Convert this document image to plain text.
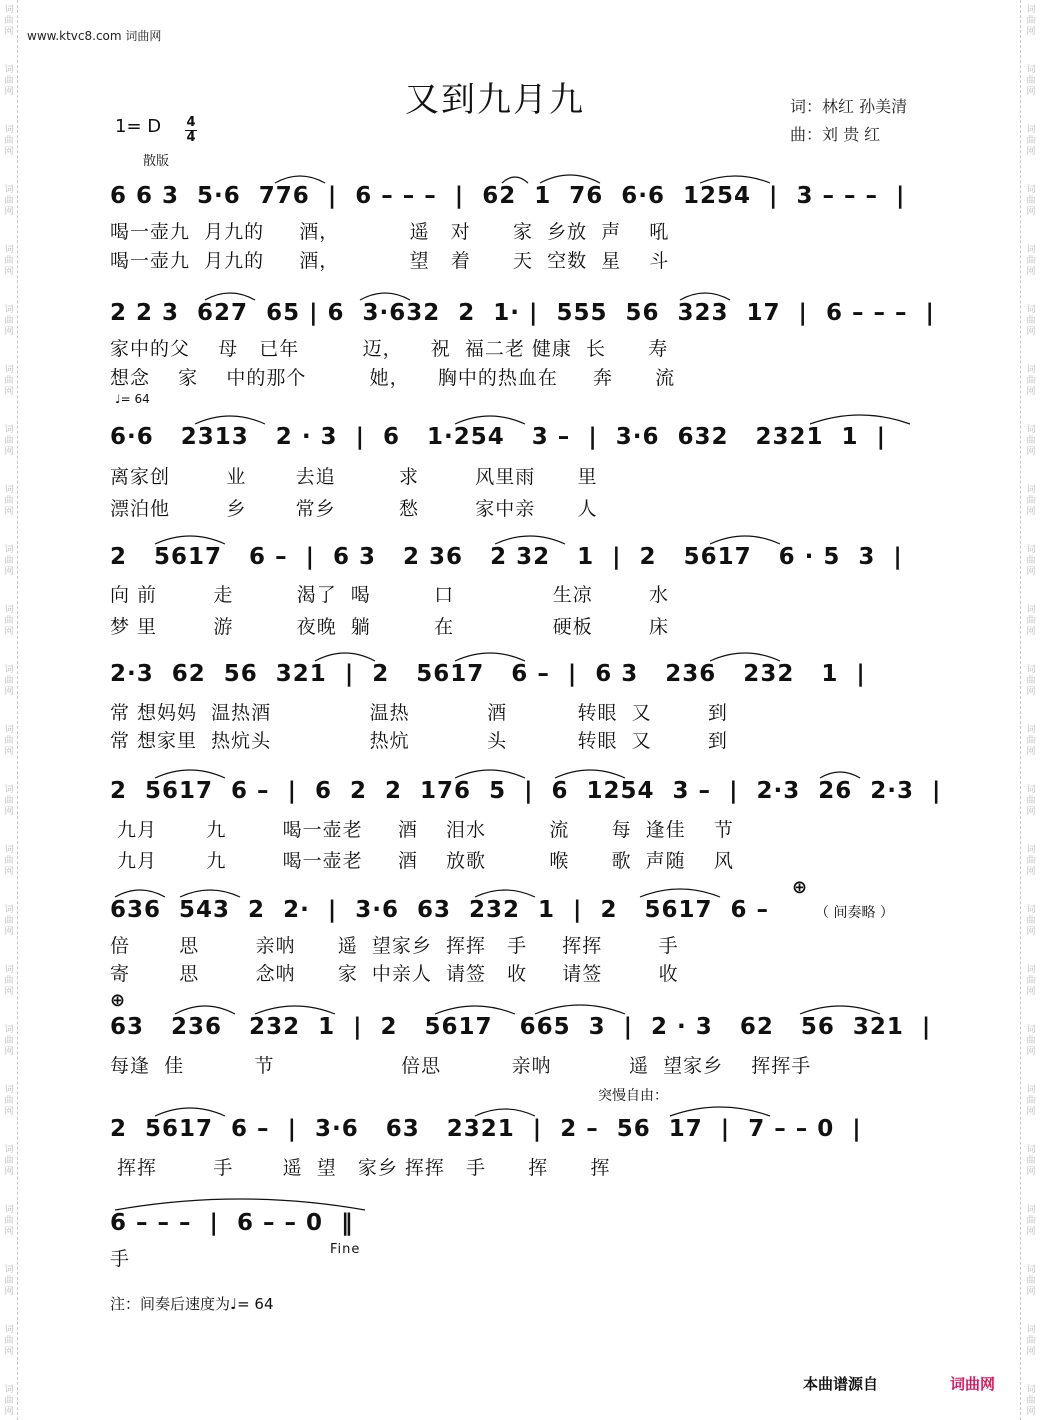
词
曲
网
词
曲
网
词
曲
网
词
曲
网
词
曲
网
词
曲
网
词
曲
网
词
曲
网
词
曲
网
词
曲
网
词
曲
网
词
曲
网
词
曲
网
词
曲
网
词
曲
网
词
曲
网
词
曲
网
词
曲
网
词
曲
网
词
曲
网
词
曲
网
词
曲
网
词
曲
网
词
曲
网
词
曲
网
词
曲
网
词
曲
网
词
曲
网
词
曲
网
词
曲
网
词
曲
网
词
曲
网
词
曲
网
词
曲
网
词
曲
网
词
曲
网
词
曲
网
词
曲
网
词
曲
网
词
曲
网
词
曲
网
词
曲
网
词
曲
网
词
曲
网
词
曲
网
词
曲
网
词
曲
网
词
曲
网
www.ktvc8.com 词曲网
又到九月九	词：林红 孙美清
曲：刘 贵 红
1= D 4
4
散版
6 6 3  5·6  776  |  6 – – –  |  62  1  76  6·6  1254  |  3 – – –  |
喝一壶九  月九的     酒，          遥   对      家  乡放  声    吼
喝一壶九  月九的     酒，          望   着      天  空数  星    斗
2 2 3  627  65 | 6  3·632  2  1· |  555  56  323  17  |  6 – – –  |
家中的父    母   已年         迈，    祝  福二老 健康  长      寿
想念    家    中的那个         她，    胸中的热血在     奔      流
♩= 64
6·6   2313   2 · 3  |  6   1·254   3 –  |  3·6  632   2321  1  |
离家创        业       去追         求        风里雨      里
漂泊他        乡       常乡         愁        家中亲      人
2   5617   6 –  |  6 3   2 36   2 32   1  |  2   5617   6 · 5  3  |
向 前        走         渴了  喝         口              生凉        水
梦 里        游         夜晚  躺         在              硬板        床
2·3  62  56  321  |  2   5617   6 –  |  6 3   236   232   1  |
常 想妈妈  温热酒              温热           酒          转眼  又        到
常 想家里  热炕头              热炕           头          转眼  又        到
2  5617  6 –  |  6  2  2  176  5  |  6  1254  3 –  |  2·3  26  2·3  |
九月       九        喝一壶老     酒    泪水         流      每  逢佳    节
九月       九        喝一壶老     酒    放歌         喉      歌  声随    风
636  543  2  2·  |  3·6  63  232  1  |  2   5617  6 –
⊕
（ 间奏略 ）
倍       思        亲呐      遥  望家乡  挥挥   手     挥挥        手
寄       思        念呐      家  中亲人  请签   收     请签        收
⊕
63   236   232  1  |  2   5617   665  3  |  2 · 3   62   56  321  |
每逢  佳          节                  倍思          亲呐           遥  望家乡    挥挥手
突慢自由：
2  5617  6 –  |  3·6   63   2321  |  2 –  56  17  |  7 – – 0  |
挥挥        手       遥  望   家乡 挥挥   手      挥      挥
6 – – –  |  6 – – 0  ‖
手	Fine
注：间奏后速度为♩= 64
本曲谱源自	词曲网
